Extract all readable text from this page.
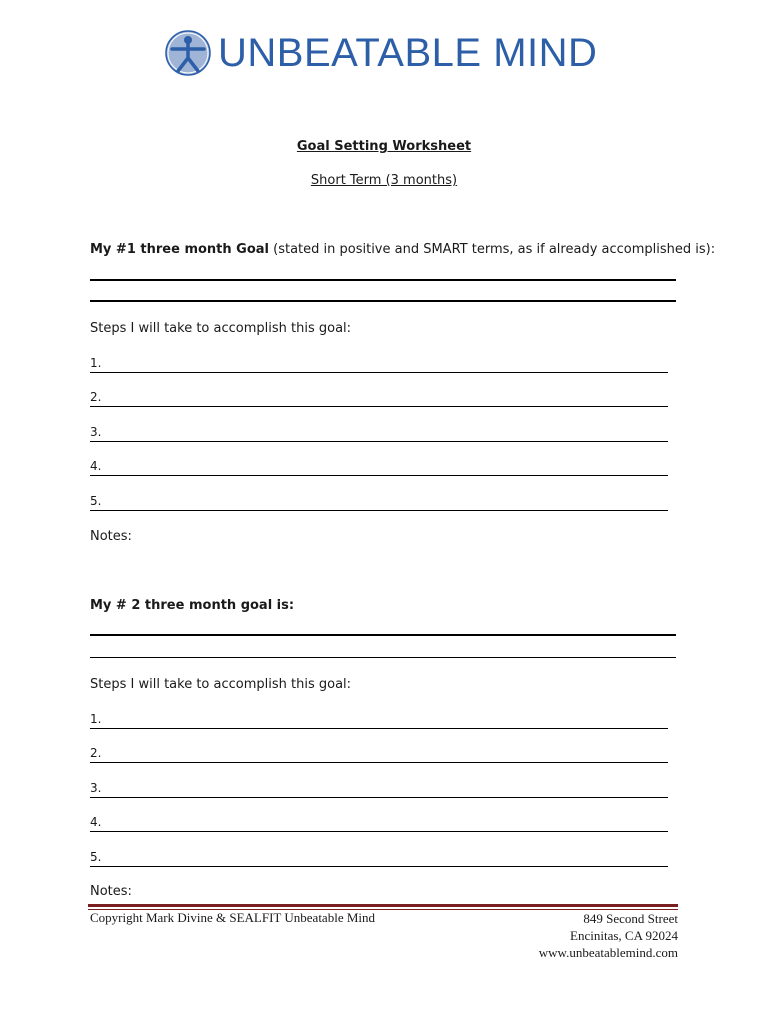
UNBEATABLE MIND
Goal Setting Worksheet
Short Term (3 months)
My #1 three month Goal (stated in positive and SMART terms, as if already accomplished is):
Steps I will take to accomplish this goal:
1.
2.
3.
4.
5.
Notes:
My # 2 three month goal is:
Steps I will take to accomplish this goal:
1.
2.
3.
4.
5.
Notes:
Copyright Mark Divine & SEALFIT Unbeatable Mind	849 Second Street
Encinitas, CA 92024
www.unbeatablemind.com
